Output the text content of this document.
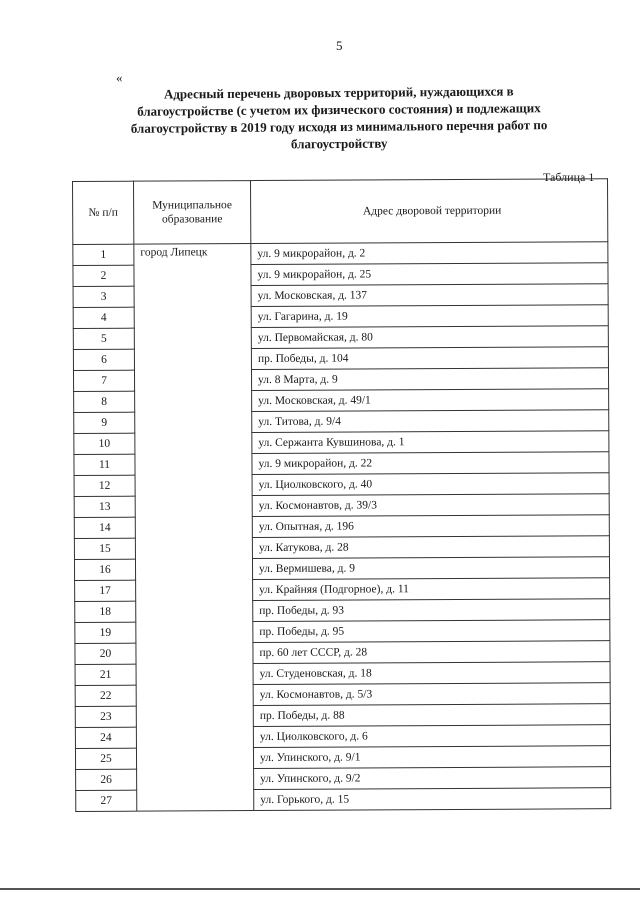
5
«
Адресный перечень дворовых территорий, нуждающихся в
благоустройстве (с учетом их физического состояния) и подлежащих
благоустройству в 2019 году исходя из минимального перечня работ по
благоустройству
Таблица 1
№ п/п	Муниципальное образование	Адрес дворовой территории
1	город Липецк	ул. 9 микрорайон, д. 2
2		ул. 9 микрорайон, д. 25
3		ул. Московская, д. 137
4		ул. Гагарина, д. 19
5		ул. Первомайская, д. 80
6		пр. Победы, д. 104
7		ул. 8 Марта, д. 9
8		ул. Московская, д. 49/1
9		ул. Титова, д. 9/4
10		ул. Сержанта Кувшинова, д. 1
11		ул. 9 микрорайон, д. 22
12		ул. Циолковского, д. 40
13		ул. Космонавтов, д. 39/3
14		ул. Опытная, д. 196
15		ул. Катукова, д. 28
16		ул. Вермишева, д. 9
17		ул. Крайняя (Подгорное), д. 11
18		пр. Победы, д. 93
19		пр. Победы, д. 95
20		пр. 60 лет СССР, д. 28
21		ул. Студеновская, д. 18
22		ул. Космонавтов, д. 5/3
23		пр. Победы, д. 88
24		ул. Циолковского, д. 6
25		ул. Упинского, д. 9/1
26		ул. Упинского, д. 9/2
27		ул. Горького, д. 15
